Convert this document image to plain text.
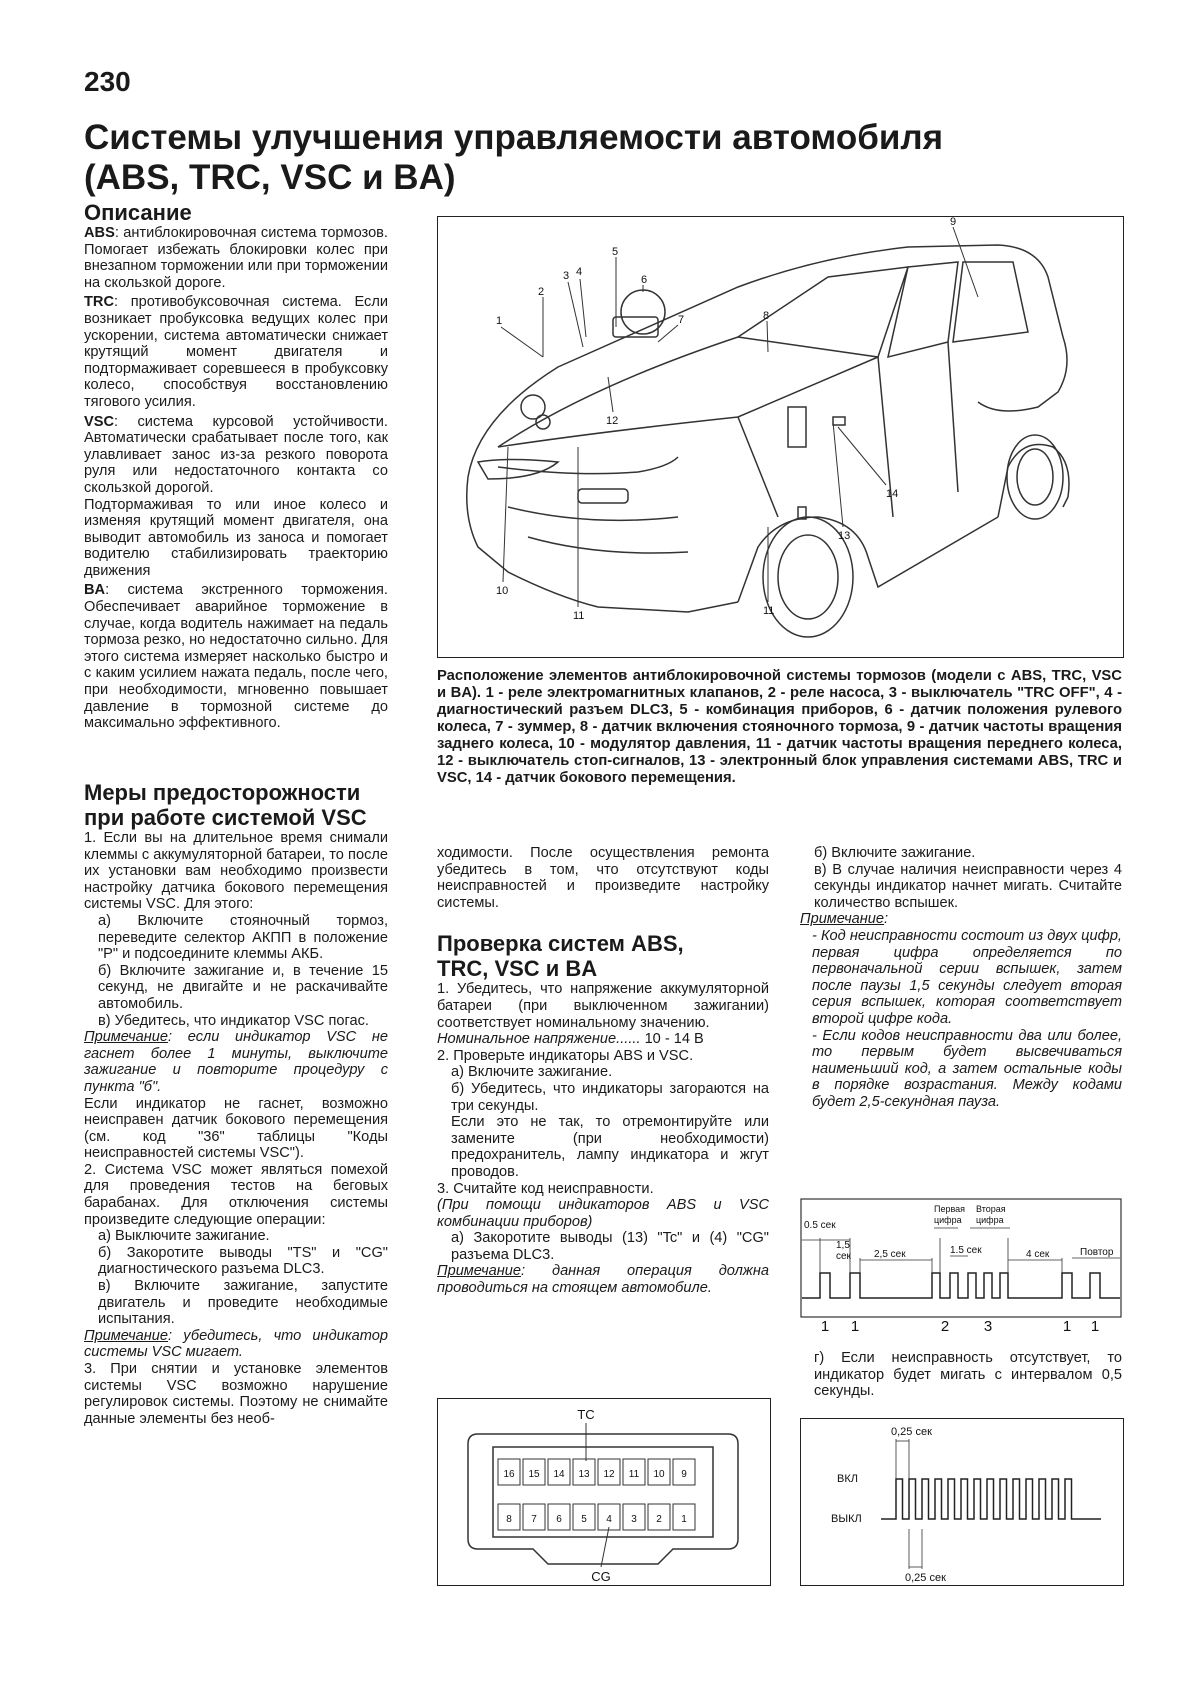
230
Системы улучшения управляемости автомобиля
(ABS, TRC, VSC и BA)

Описание

ABS: антиблокировочная система тормозов. Помогает избежать блокировки колес при внезапном торможении или при торможении на скользкой дороге.

TRC: противобуксовочная система. Если возникает пробуксовка ведущих колес при ускорении, система автоматически снижает крутящий момент двигателя и подтормаживает соревшееся в пробуксовку колесо, способствуя восстановлению тягового усилия.

VSC: система курсовой устойчивости. Автоматически срабатывает после того, как улавливает занос из-за резкого поворота руля или недостаточного контакта со скользкой дорогой.

Подтормаживая то или иное колесо и изменяя крутящий момент двигателя, она выводит автомобиль из заноса и помогает водителю стабилизировать траекторию движения

BA: система экстренного торможения. Обеспечивает аварийное торможение в случае, когда водитель нажимает на педаль тормоза резко, но недостаточно сильно. Для этого система измеряет насколько быстро и с каким усилием нажата педаль, после чего, при необходимости, мгновенно повышает давление в тормозной системе до максимально эффективного.

Меры предосторожности

при работе системой VSC

1. Если вы на длительное время снимали клеммы с аккумуляторной батареи, то после их установки вам необходимо произвести настройку датчика бокового перемещения системы VSC. Для этого:

а) Включите стояночный тормоз, переведите селектор АКПП в положение "P" и подсоедините клеммы АКБ.

б) Включите зажигание и, в течение 15 секунд, не двигайте и не раскачивайте автомобиль.

в) Убедитесь, что индикатор VSC погас.

Примечание: если индикатор VSC не гаснет более 1 минуты, выключите зажигание и повторите процедуру с пункта "б".

Если индикатор не гаснет, возможно неисправен датчик бокового перемещения (см. код "36" таблицы "Коды неисправностей системы VSC").

2. Система VSC может являться помехой для проведения тестов на беговых барабанах. Для отключения системы произведите следующие операции:

а) Выключите зажигание.

б) Закоротите выводы "TS" и "CG" диагностического разъема DLC3.

в) Включите зажигание, запустите двигатель и проведите необходимые испытания.

Примечание: убедитесь, что индикатор системы VSC мигает.

3. При снятии и установке элементов системы VSC возможно нарушение регулировок системы. Поэтому не снимайте данные элементы без необ-

1
2
3 4
5
6
7	8
9
10
11
12
13
14
11
Расположение элементов антиблокировочной системы тормозов (модели с ABS, TRC, VSC и BA). 1 - реле электромагнитных клапанов, 2 - реле насоса, 3 - выключатель "TRC OFF", 4 - диагностический разъем DLC3, 5 - комбинация приборов, 6 - датчик положения рулевого колеса, 7 - зуммер, 8 - датчик включения стояночного тормоза, 9 - датчик частоты вращения заднего колеса, 10 - модулятор давления, 11 - датчик частоты вращения переднего колеса, 12 - выключатель стоп-сигналов, 13 - электронный блок управления системами ABS, TRC и VSC, 14 - датчик бокового перемещения.

ходимости. После осуществления ремонта убедитесь в том, что отсутствуют коды неисправностей и произведите настройку системы.

Проверка систем ABS,

TRC, VSC и BA

1. Убедитесь, что напряжение аккумуляторной батареи (при выключенном зажигании) соответствует номинальному значению.

Номинальное напряжение...... 10 - 14 В

2. Проверьте индикаторы ABS и VSC.

а) Включите зажигание.

б) Убедитесь, что индикаторы загораются на три секунды.

Если это не так, то отремонтируйте или замените (при необходимости) предохранитель, лампу индикатора и жгут проводов.

3. Считайте код неисправности.

(При помощи индикаторов ABS и VSC комбинации приборов)

а) Закоротите выводы (13) "Tc" и (4) "CG" разъема DLC3.

Примечание: данная операция должна проводиться на стоящем автомобиле.

TC
CG
16 15 14 13 12 11 10 9
8 7 6 5 4 3 2 1

б) Включите зажигание.

в) В случае наличия неисправности через 4 секунды индикатор начнет мигать. Считайте количество вспышек.

Примечание:

- Код неисправности состоит из двух цифр, первая цифра определяется по первоначальной серии вспышек, затем после паузы 1,5 секунды следует вторая серия вспышек, которая соответствует второй цифре кода.

- Если кодов неисправности два или более, то первым будет высвечиваться наименьший код, а затем остальные коды в порядке возрастания. Между кодами будет 2,5-секундная пауза.

0.5 сек
1,5
сек 2,5 сек	1.5 сек	4 сек	Повтор
Первая
цифра
Вторая
цифра
1 1	2 3	1 1

г) Если неисправность отсутствует, то индикатор будет мигать с интервалом 0,5 секунды.

0,25 сек
0,25 сек
ВКЛ
ВЫКЛ
